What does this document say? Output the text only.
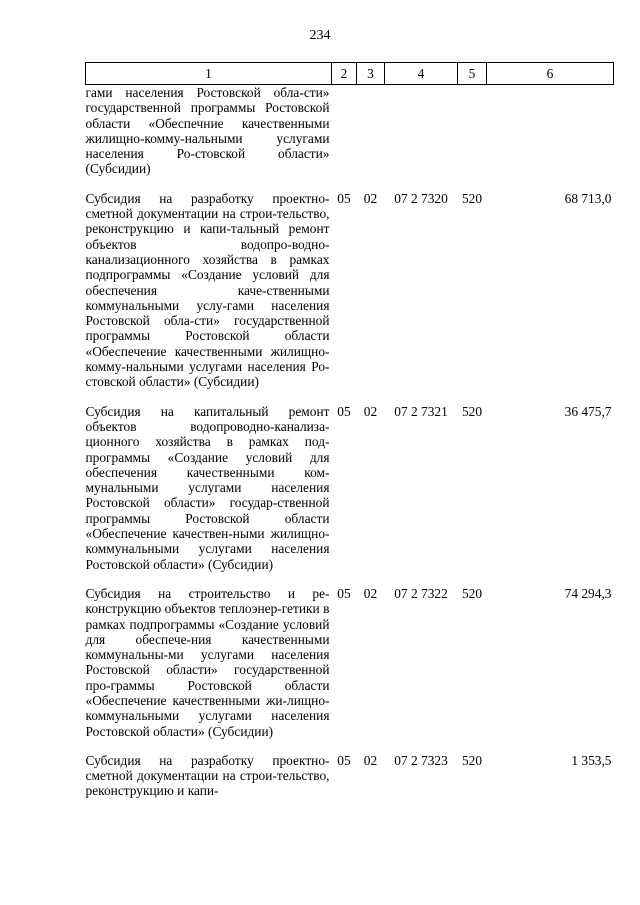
234
1	2	3	4	5	6
гами населения Ростовской обла-сти» государственной программы Ростовской области «Обеспечние качественными жилищно-комму-нальными услугами населения Ро-стовской области» (Субсидии)					
Субсидия на разработку проектно-сметной документации на строи-тельство, реконструкцию и капи-тальный ремонт объектов водопро-водно-канализационного хозяйства в рамках подпрограммы «Создание условий для обеспечения каче-ственными коммунальными услу-гами населения Ростовской обла-сти» государственной программы Ростовской области «Обеспечение качественными жилищно-комму-нальными услугами населения Ро-стовской области» (Субсидии)	05	02	07 2 7320	520	68 713,0
Субсидия на капитальный ремонт объектов водопроводно-канализа-ционного хозяйства в рамках под-программы «Создание условий для обеспечения качественными ком-мунальными услугами населения Ростовской области» государ-ственной программы Ростовской области «Обеспечение качествен-ными жилищно-коммунальными услугами населения Ростовской области» (Субсидии)	05	02	07 2 7321	520	36 475,7
Субсидия на строительство и ре-конструкцию объектов теплоэнер-гетики в рамках подпрограммы «Создание условий для обеспече-ния качественными коммунальны-ми услугами населения Ростовской области» государственной про-граммы Ростовской области «Обеспечение качественными жи-лищно-коммунальными услугами населения Ростовской области» (Субсидии)	05	02	07 2 7322	520	74 294,3
Субсидия на разработку проектно-сметной документации на строи-тельство, реконструкцию и капи-	05	02	07 2 7323	520	1 353,5
